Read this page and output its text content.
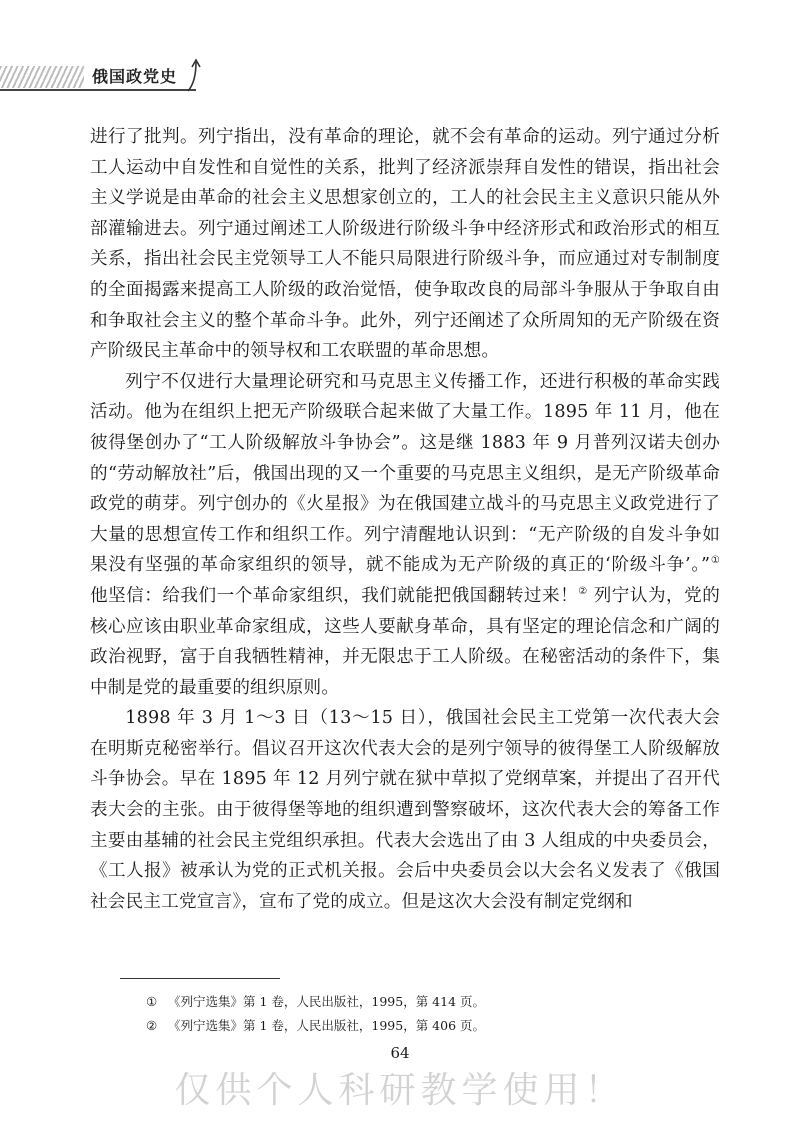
俄国政党史

进行了批判。列宁指出，没有革命的理论，就不会有革命的运动。列宁通过分析工人运动中自发性和自觉性的关系，批判了经济派崇拜自发性的错误，指出社会主义学说是由革命的社会主义思想家创立的，工人的社会民主主义意识只能从外部灌输进去。列宁通过阐述工人阶级进行阶级斗争中经济形式和政治形式的相互关系，指出社会民主党领导工人不能只局限进行阶级斗争，而应通过对专制制度的全面揭露来提高工人阶级的政治觉悟，使争取改良的局部斗争服从于争取自由和争取社会主义的整个革命斗争。此外，列宁还阐述了众所周知的无产阶级在资产阶级民主革命中的领导权和工农联盟的革命思想。

列宁不仅进行大量理论研究和马克思主义传播工作，还进行积极的革命实践活动。他为在组织上把无产阶级联合起来做了大量工作。1895 年 11 月，他在彼得堡创办了“工人阶级解放斗争协会”。这是继 1883 年 9 月普列汉诺夫创办的“劳动解放社”后，俄国出现的又一个重要的马克思主义组织，是无产阶级革命政党的萌芽。列宁创办的《火星报》为在俄国建立战斗的马克思主义政党进行了大量的思想宣传工作和组织工作。列宁清醒地认识到：“无产阶级的自发斗争如果没有坚强的革命家组织的领导，就不能成为无产阶级的真正的‘阶级斗争’。”① 他坚信：给我们一个革命家组织，我们就能把俄国翻转过来！② 列宁认为，党的核心应该由职业革命家组成，这些人要献身革命，具有坚定的理论信念和广阔的政治视野，富于自我牺牲精神，并无限忠于工人阶级。在秘密活动的条件下，集中制是党的最重要的组织原则。

1898 年 3 月 1～3 日（13～15 日），俄国社会民主工党第一次代表大会在明斯克秘密举行。倡议召开这次代表大会的是列宁领导的彼得堡工人阶级解放斗争协会。早在 1895 年 12 月列宁就在狱中草拟了党纲草案，并提出了召开代表大会的主张。由于彼得堡等地的组织遭到警察破坏，这次代表大会的筹备工作主要由基辅的社会民主党组织承担。代表大会选出了由 3 人组成的中央委员会，《工人报》被承认为党的正式机关报。会后中央委员会以大会名义发表了《俄国社会民主工党宣言》，宣布了党的成立。但是这次大会没有制定党纲和

① 《列宁选集》第 1 卷，人民出版社，1995，第 414 页。

② 《列宁选集》第 1 卷，人民出版社，1995，第 406 页。

64
仅供个人科研教学使用！
